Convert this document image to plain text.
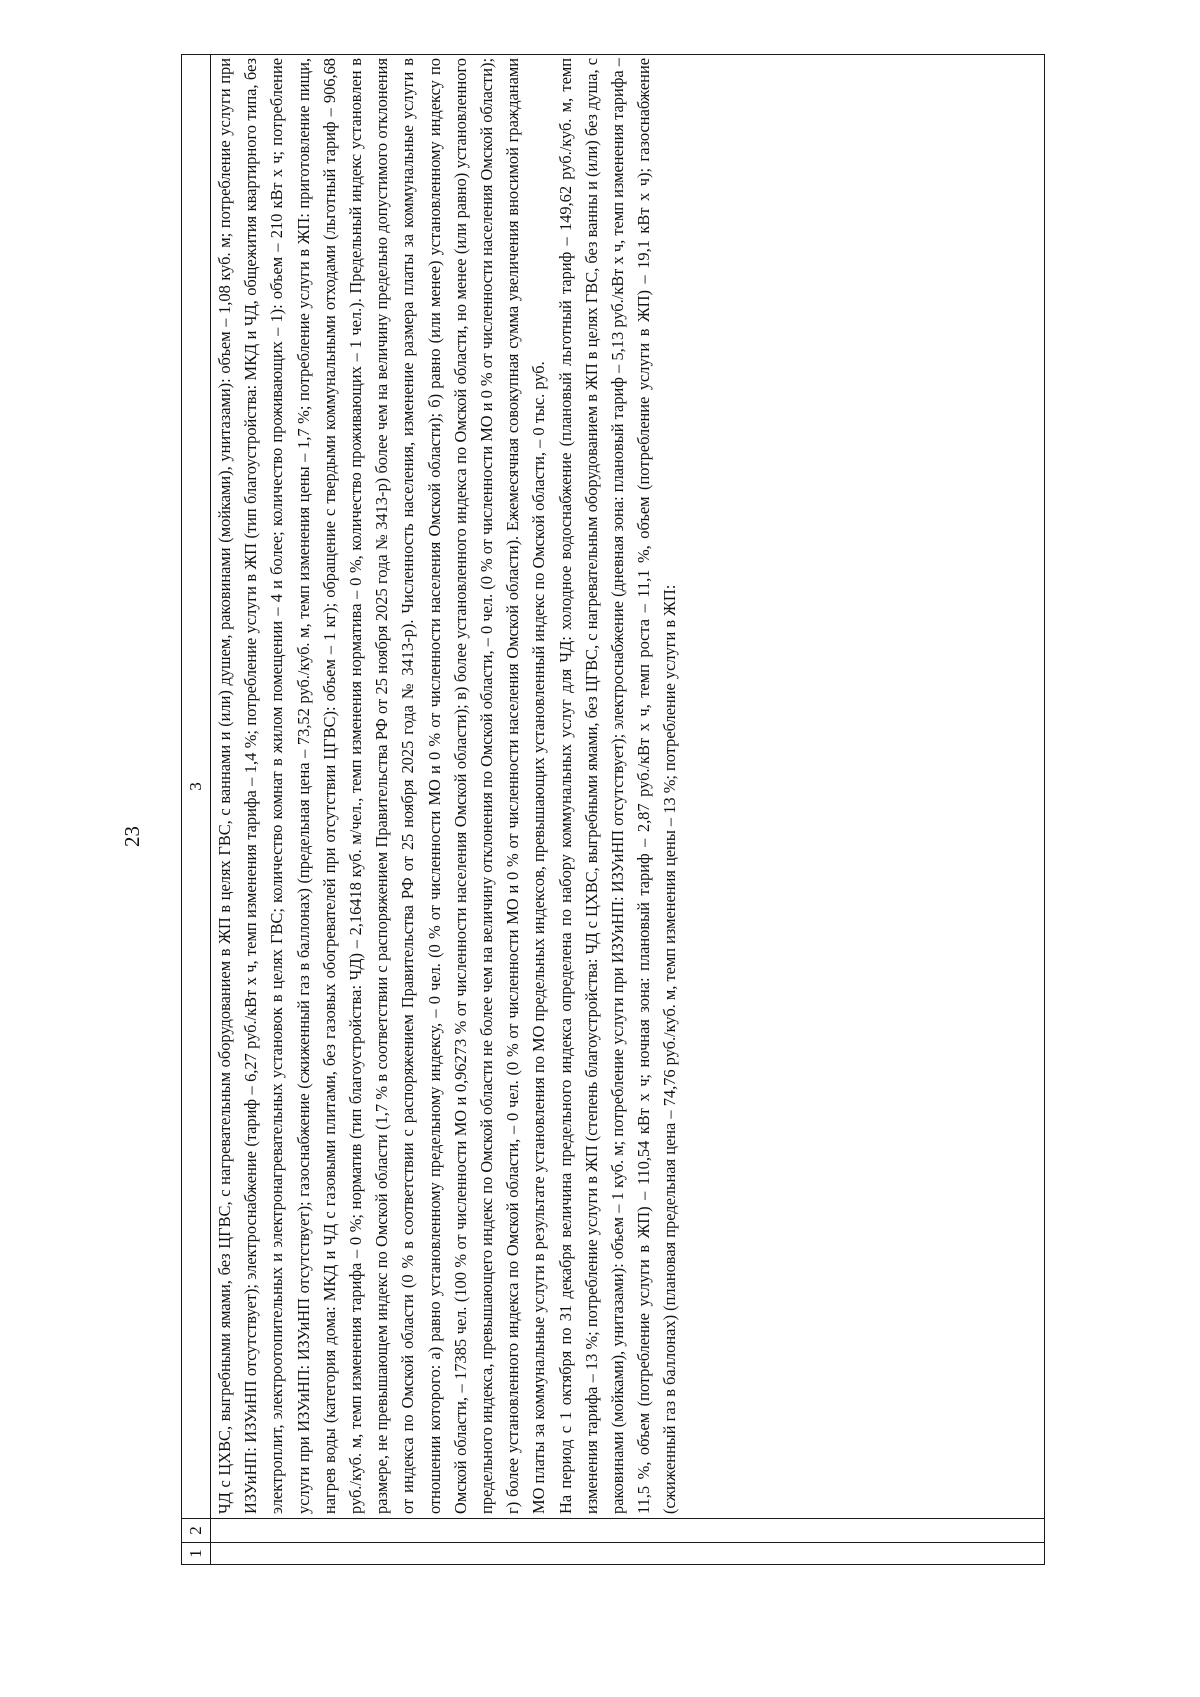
23
1	2	3

		ЧД с ЦХВС, выгребными ямами, без ЦГВС, с нагревательным оборудованием в ЖП в целях ГВС, с ваннами и (или) душем, раковинами (мойками), унитазами): объем – 1,08 куб. м; потребление услуги при ИЗУиНП: ИЗУиНП отсутствует); электроснабжение (тариф – 6,27 руб./кВт х ч, темп изменения тарифа – 1,4 %; потребление услуги в ЖП (тип благоустройства: МКД и ЧД, общежития квартирного типа, без электроплит, электроотопительных и электронагревательных установок в целях ГВС; количество комнат в жилом помещении – 4 и более; количество проживающих – 1): объем – 210 кВт х ч; потребление услуги при ИЗУиНП: ИЗУиНП отсутствует); газоснабжение (сжиженный газ в баллонах) (предельная цена – 73,52 руб./куб. м, темп изменения цены – 1,7 %; потребление услуги в ЖП: приготовление пищи, нагрев воды (категория дома: МКД и ЧД с газовыми плитами, без газовых обогревателей при отсутствии ЦГВС): объем – 1 кг); обращение с твердыми коммунальными отходами (льготный тариф – 906,68 руб./куб. м, темп изменения тарифа – 0 %; норматив (тип благоустройства: ЧД) – 2,16418 куб. м/чел., темп изменения норматива – 0 %, количество проживающих – 1 чел.). Предельный индекс установлен в размере, не превышающем индекс по Омской области (1,7 % в соответствии с распоряжением Правительства РФ от 25 ноября 2025 года № 3413-р) более чем на величину предельно допустимого отклонения от индекса по Омской области (0 % в соответствии с распоряжением Правительства РФ от 25 ноября 2025 года № 3413-р). Численность населения, изменение размера платы за коммунальные услуги в отношении которого: а) равно установленному предельному индексу, – 0 чел. (0 % от численности МО и 0 % от численности населения Омской области); б) равно (или менее) установленному индексу по Омской области, – 17385 чел. (100 % от численности МО и 0,96273 % от численности населения Омской области); в) более установленного индекса по Омской области, но менее (или равно) установленного предельного индекса, превышающего индекс по Омской области не более чем на величину отклонения по Омской области, – 0 чел. (0 % от численности МО и 0 % от численности населения Омской области); г) более установленного индекса по Омской области, – 0 чел. (0 % от численности МО и 0 % от численности населения Омской области). Ежемесячная совокупная сумма увеличения вносимой гражданами МО платы за коммунальные услуги в результате установления по МО предельных индексов, превышающих установленный индекс по Омской области, – 0 тыс. руб. На период с 1 октября по 31 декабря величина предельного индекса определена по набору коммунальных услуг для ЧД: холодное водоснабжение (плановый льготный тариф – 149,62 руб./куб. м, темп изменения тарифа – 13 %; потребление услуги в ЖП (степень благоустройства: ЧД с ЦХВС, выгребными ямами, без ЦГВС, с нагревательным оборудованием в ЖП в целях ГВС, без ванны и (или) без душа, с раковинами (мойками), унитазами): объем – 1 куб. м; потребление услуги при ИЗУиНП: ИЗУиНП отсутствует); электроснабжение (дневная зона: плановый тариф – 5,13 руб./кВт х ч, темп изменения тарифа – 11,5 %, объем (потребление услуги в ЖП) – 110,54 кВт х ч; ночная зона: плановый тариф – 2,87 руб./кВт х ч, темп роста – 11,1 %, объем (потребление услуги в ЖП) – 19,1 кВт х ч); газоснабжение (сжиженный газ в баллонах) (плановая предельная цена – 74,76 руб./куб. м, темп изменения цены – 13 %; потребление услуги в ЖП:
